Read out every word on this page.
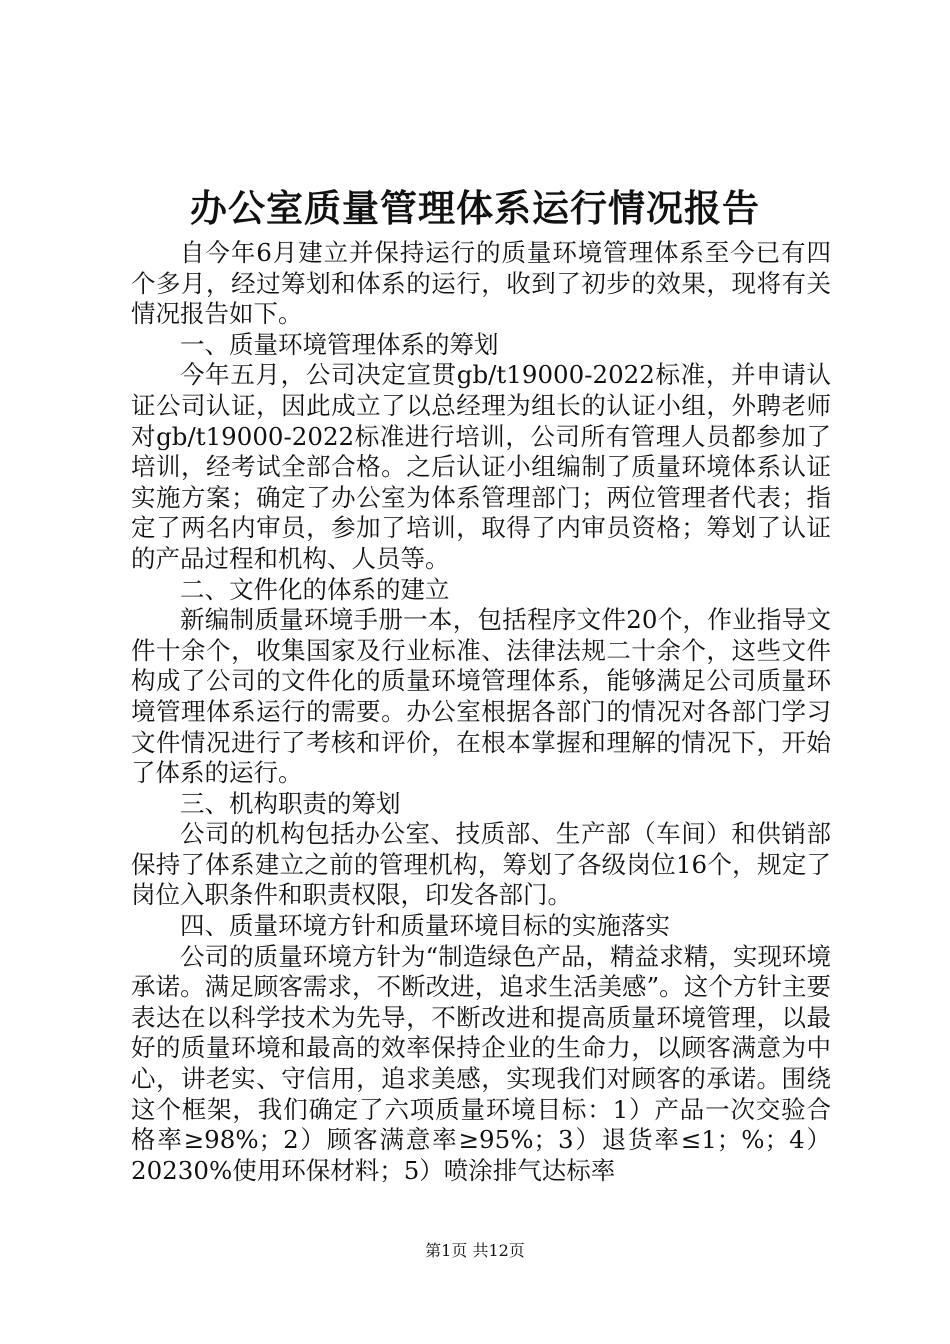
办公室质量管理体系运行情况报告

自今年6月建立并保持运行的质量环境管理体系至今已有四个多月，经过筹划和体系的运行，收到了初步的效果，现将有关情况报告如下。

一、质量环境管理体系的筹划

今年五月，公司决定宣贯gb/t19000-2022标准，并申请认证公司认证，因此成立了以总经理为组长的认证小组，外聘老师对gb/t19000-2022标准进行培训，公司所有管理人员都参加了培训，经考试全部合格。之后认证小组编制了质量环境体系认证实施方案；确定了办公室为体系管理部门；两位管理者代表；指定了两名内审员，参加了培训，取得了内审员资格；筹划了认证的产品过程和机构、人员等。

二、文件化的体系的建立

新编制质量环境手册一本，包括程序文件20个，作业指导文件十余个，收集国家及行业标准、法律法规二十余个，这些文件构成了公司的文件化的质量环境管理体系，能够满足公司质量环境管理体系运行的需要。办公室根据各部门的情况对各部门学习文件情况进行了考核和评价，在根本掌握和理解的情况下，开始了体系的运行。

三、机构职责的筹划

公司的机构包括办公室、技质部、生产部（车间）和供销部保持了体系建立之前的管理机构，筹划了各级岗位16个，规定了岗位入职条件和职责权限，印发各部门。

四、质量环境方针和质量环境目标的实施落实

公司的质量环境方针为“制造绿色产品，精益求精，实现环境承诺。满足顾客需求，不断改进，追求生活美感”。这个方针主要表达在以科学技术为先导，不断改进和提高质量环境管理，以最好的质量环境和最高的效率保持企业的生命力，以顾客满意为中心，讲老实、守信用，追求美感，实现我们对顾客的承诺。围绕这个框架，我们确定了六项质量环境目标：1）产品一次交验合格率≥98%；2）顾客满意率≥95%；3）退货率≤1；%；4）20230%使用环保材料；5）喷涂排气达标率

第1页 共12页
